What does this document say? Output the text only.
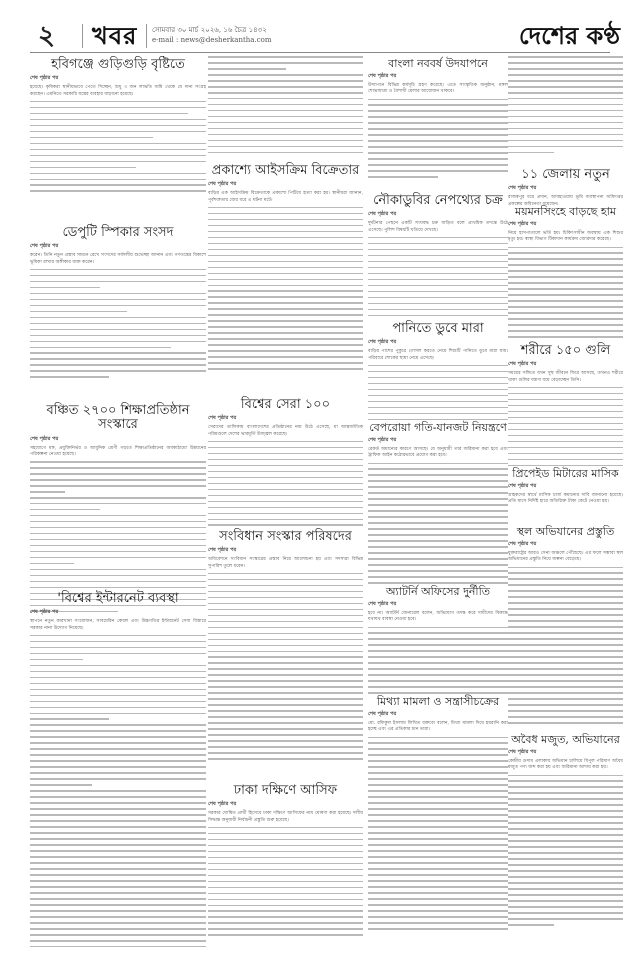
২ খবর সোমবার ৩০ মার্চ ২০২৬, ১৬ চৈত্র ১৪৩২
e-mail : news@desherkantha.com	দেশের কণ্ঠ
হবিগঞ্জে গুড়িগুড়ি বৃষ্টিতে
শেষ পৃষ্ঠার পর
হয়েছে। কৃষিকরা স্থানীয়ভাবে পেতে দিচ্ছেন, শুধু ৩ জন লাভতি জমি থেকে যে দানা সংগ্রহ করছেন। এমনিতে সরকারি যন্ত্রের ব্যবহার বাড়ানো হয়েছে।
ডেপুটি স্পিকার সংসদ
শেষ পৃষ্ঠার পর
করেন। তিনি নতুন প্রস্তাব সামনে রেখে সংসদের সর্বদলীয় শুভেচ্ছা জানান এবং গণতন্ত্রের বিকাশে ভূমিকা রাখার অঙ্গীকার ব্যক্ত করেন।
বঞ্চিত ২৭০০ শিক্ষাপ্রতিষ্ঠান সংস্কারে
শেষ পৃষ্ঠার পর
সহযোগে মঙ্গ, প্রযুক্তিনির্ভর ও আধুনিক শ্রেণী গড়তে শিক্ষাপ্রতিষ্ঠানের অবকাঠামো উন্নয়নের পরিকল্পনা নেওয়া হয়েছে।
'বিশ্বের ইন্টারনেট ব্যবস্থা
শেষ পৃষ্ঠার পর
স্থাপনে নতুন কারখানা সংযোজন, সাবমেরিন কেবল এবং উচ্চগতির ইন্টারনেট সেবা বিস্তারে সরকার নানা উদ্যোগ নিয়েছে।
প্রকাশ্যে আইসক্রিম বিক্রেতার
শেষ পৃষ্ঠার পর
বাড়ির এক আইসক্রিম বিক্রেতাকে প্রকাশ্যে পিটিয়ে হত্যা করা হয়। স্থানীয়রা জানান, পূর্বশত্রুতার জের ধরে এ ঘটনা ঘটে।
বিশ্বের সেরা ১০০
শেষ পৃষ্ঠার পর
সেরাদের তালিকায় বাংলাদেশের প্রতিষ্ঠানের নাম উঠে এসেছে, যা আন্তর্জাতিক পরিমণ্ডলে দেশের ভাবমূর্তি উজ্জ্বল করেছে।
সংবিধান সংস্কার পরিষদের
শেষ পৃষ্ঠার পর
অধিবেশনে সংবিধান সংস্কারের প্রস্তাব নিয়ে আলোচনা হয় এবং সদস্যরা বিভিন্ন সুপারিশ তুলে ধরেন।
ঢাকা দক্ষিণে আসিফ
শেষ পৃষ্ঠার পর
সরকার ঘোষিত প্রার্থী হিসেবে ঢাকা দক্ষিণে আসিফের নাম ঘোষণা করা হয়েছে। দলীয় সিদ্ধান্ত অনুযায়ী নির্বাচনী প্রস্তুতি শুরু হয়েছে।
বাংলা নববর্ষ উদযাপনে
শেষ পৃষ্ঠার পর
উদ্যাপনে বিভিন্ন কর্মসূচি গ্রহণ করেছে। এতে সাংস্কৃতিক অনুষ্ঠান, মঙ্গল শোভাযাত্রা ও বৈশাখী মেলার আয়োজন থাকবে।
নৌকাডুবির নেপথ্যের চক্র
শেষ পৃষ্ঠার পর
দুর্ঘটনার পেছনে একটি সংঘবদ্ধ চক্র জড়িত বলে প্রাথমিক তদন্তে উঠে এসেছে। পুলিশ বিষয়টি খতিয়ে দেখছে।
পানিতে ডুবে মারা
শেষ পৃষ্ঠার পর
বাড়ির পাশের পুকুরে গোসল করতে নেমে শিশুটি পানিতে ডুবে মারা যায়। পরিবারে শোকের ছায়া নেমে এসেছে।
বেপরোয়া গতি-যানজট নিয়ন্ত্রণে
শেষ পৃষ্ঠার পর
রেকর্ড অমান্যের কারণে আসছে। যে অনুযায়ী তার জরিমানা করা হবে এবং ট্রাফিক আইন কঠোরভাবে প্রয়োগ করা হবে।
অ্যাটর্নি অফিসের দুর্নীতি
শেষ পৃষ্ঠার পর
হবে না। অ্যাটর্নি জেনারেল বলেন, অভিযোগ তদন্ত করে দায়ীদের বিরুদ্ধে যথাযথ ব্যবস্থা নেওয়া হবে।
মিথ্যা মামলা ও সন্ত্রাসীচক্রের
শেষ পৃষ্ঠার পর
মো. রফিকুল ইসলাম লিখিত বক্তব্যে বলেন, মিথ্যা মামলা দিয়ে হয়রানি করা হচ্ছে এবং এর প্রতিকার চান তারা।
১১ জেলায় নতুন
শেষ পৃষ্ঠার পর
রাজস্বপুর ধরে প্রদান, আবহাওয়ায় ভূমি ব্যবস্থাপনা অধিদপ্তর প্রকল্পের অধিনেতা রয়েছেন।
ময়মনসিংহে বাড়ছে হাম
শেষ পৃষ্ঠার পর
নিয়ে হাসপাতালে ভর্তি হয়। চিকিৎসাধীন অবস্থায় এক শিশুর মৃত্যু হয়। স্বাস্থ্য বিভাগ টিকাদান কার্যক্রম জোরদার করেছে।
শরীরে ১৫০ গুলি
শেষ পৃষ্ঠার পর
সময়ের সঙ্গিতে যখন সুস্থ জীবনে ফিরে আসছে, তখনও শরীরে থাকা গুলির যন্ত্রণা বয়ে বেড়াচ্ছেন তিনি।
প্রিপেইড মিটারের মাসিক
শেষ পৃষ্ঠার পর
গ্রাহকদের স্বার্থে মাসিক চার্জ কমানোর দাবি জানানো হয়েছে। প্রতি মাসে নির্দিষ্ট হারে অতিরিক্ত টাকা কেটে নেওয়া হয়।
স্থল অভিযানের প্রস্তুতি
শেষ পৃষ্ঠার পর
যুক্তরাষ্ট্রের আরও সেনা অঞ্চলে পৌঁছেছে। এর ফলে সম্ভাব্য স্থল অভিযানের প্রস্তুতি নিয়ে জল্পনা বেড়েছে।
অবৈধ মজুত, অভিযানের
শেষ পৃষ্ঠার পর
কেন্দ্রীয় গুদাম এলাকায় অভিযান চালিয়ে বিপুল পরিমাণ অবৈধ মজুত পণ্য জব্দ করা হয় এবং জরিমানা আদায় করা হয়।
